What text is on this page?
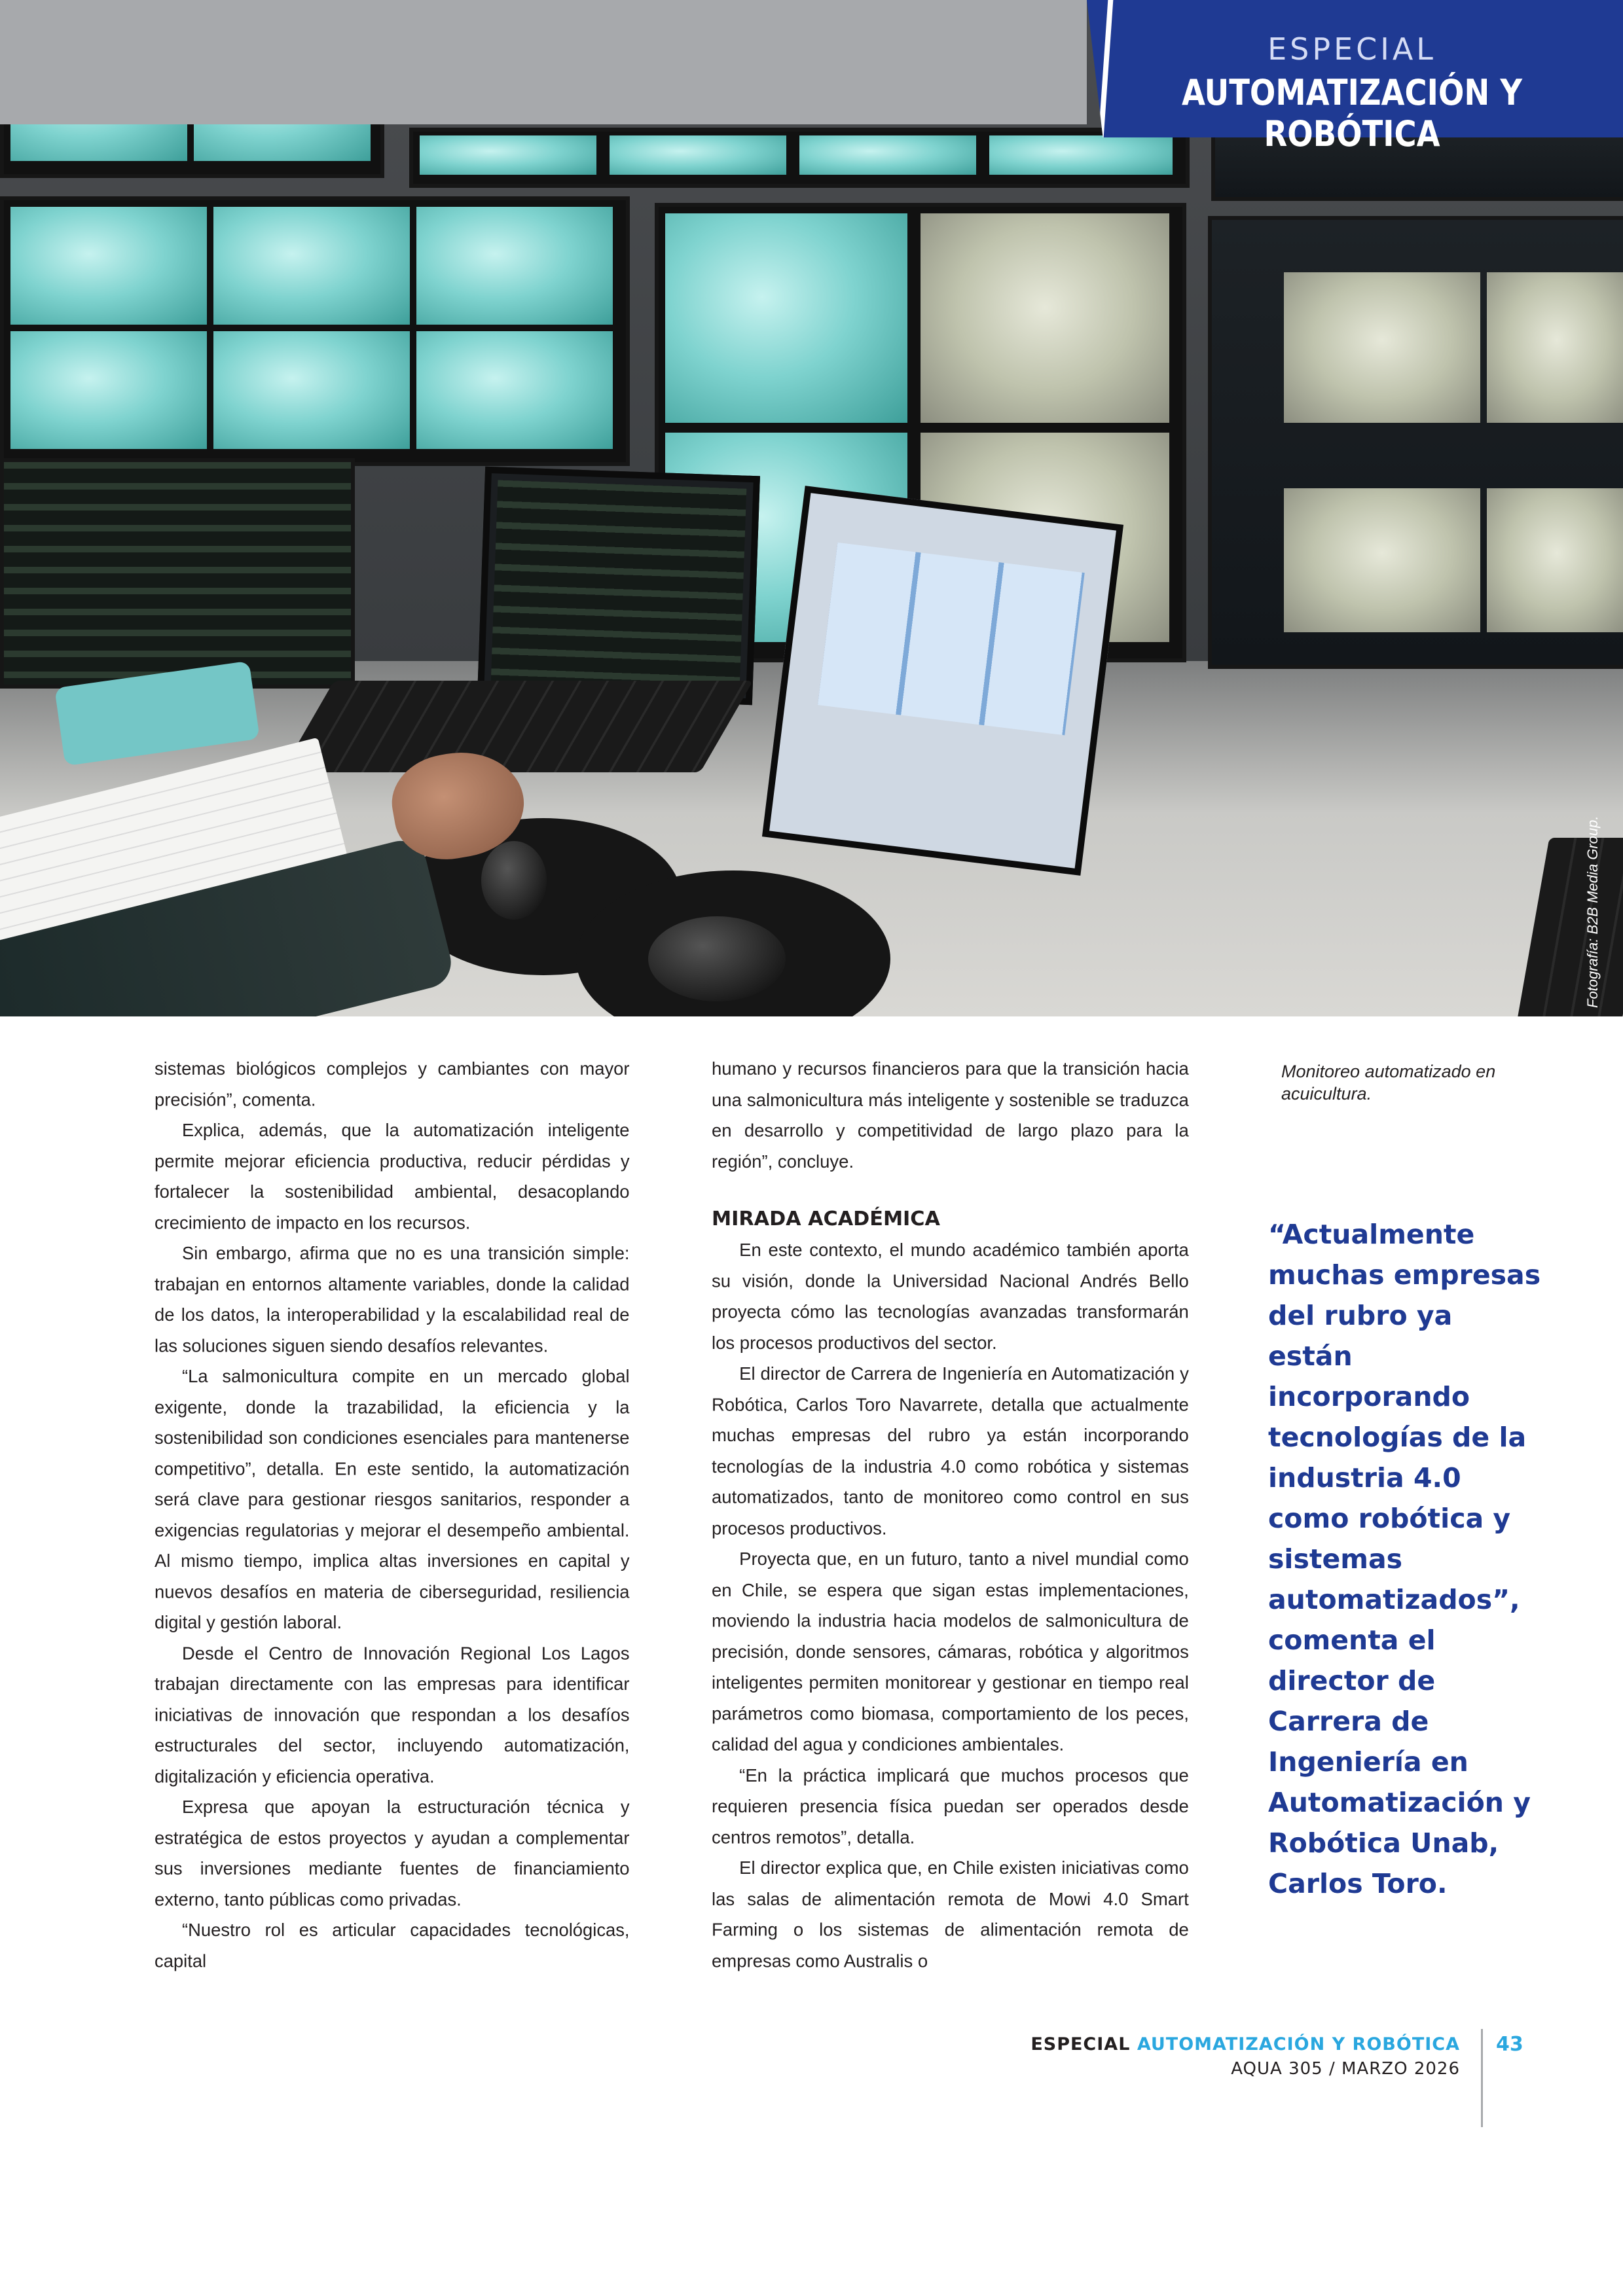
Fotografía: B2B Media Group.
ESPECIAL
AUTOMATIZACIÓN Y ROBÓTICA

sistemas biológicos complejos y cambiantes con mayor precisión”, comenta.

Explica, además, que la automatización inteligente permite mejorar eficiencia productiva, reducir pérdidas y fortalecer la sostenibilidad ambiental, desacoplando crecimiento de impacto en los recursos.

Sin embargo, afirma que no es una transición simple: trabajan en entornos altamente variables, donde la calidad de los datos, la interoperabilidad y la escalabilidad real de las soluciones siguen siendo desafíos relevantes.

“La salmonicultura compite en un mercado global exigente, donde la trazabilidad, la eficiencia y la sostenibilidad son condiciones esenciales para mantenerse competitivo”, detalla. En este sentido, la automatización será clave para gestionar riesgos sanitarios, responder a exigencias regulatorias y mejorar el desempeño ambiental. Al mismo tiempo, implica altas inversiones en capital y nuevos desafíos en materia de ciberseguridad, resiliencia digital y gestión laboral.

Desde el Centro de Innovación Regional Los Lagos trabajan directamente con las empresas para identificar iniciativas de innovación que respondan a los desafíos estructurales del sector, incluyendo automatización, digitalización y eficiencia operativa.

Expresa que apoyan la estructuración técnica y estratégica de estos proyectos y ayudan a complementar sus inversiones mediante fuentes de financiamiento externo, tanto públicas como privadas.

“Nuestro rol es articular capacidades tecnológicas, capital

humano y recursos financieros para que la transición hacia una salmonicultura más inteligente y sostenible se traduzca en desarrollo y competitividad de largo plazo para la región”, concluye.

MIRADA ACADÉMICA

En este contexto, el mundo académico también aporta su visión, donde la Universidad Nacional Andrés Bello proyecta cómo las tecnologías avanzadas transformarán los procesos productivos del sector.

El director de Carrera de Ingeniería en Automatización y Robótica, Carlos Toro Navarrete, detalla que actualmente muchas empresas del rubro ya están incorporando tecnologías de la industria 4.0 como robótica y sistemas automatizados, tanto de monitoreo como control en sus procesos productivos.

Proyecta que, en un futuro, tanto a nivel mundial como en Chile, se espera que sigan estas implementaciones, moviendo la industria hacia modelos de salmonicultura de precisión, donde sensores, cámaras, robótica y algoritmos inteligentes permiten monitorear y gestionar en tiempo real parámetros como biomasa, comportamiento de los peces, calidad del agua y condiciones ambientales.

“En la práctica implicará que muchos procesos que requieren presencia física puedan ser operados desde centros remotos”, detalla.

El director explica que, en Chile existen iniciativas como las salas de alimentación remota de Mowi 4.0 Smart Farming o los sistemas de alimentación remota de empresas como Australis o

Monitoreo automatizado en acuicultura.
“Actualmente muchas empresas del rubro ya están incorporando tecnologías de la industria 4.0 como robótica y sistemas automatizados”, comenta el director de Carrera de Ingeniería en Automatización y Robótica Unab, Carlos Toro.
ESPECIAL AUTOMATIZACIÓN Y ROBÓTICA
AQUA 305 / MARZO 2026
43
